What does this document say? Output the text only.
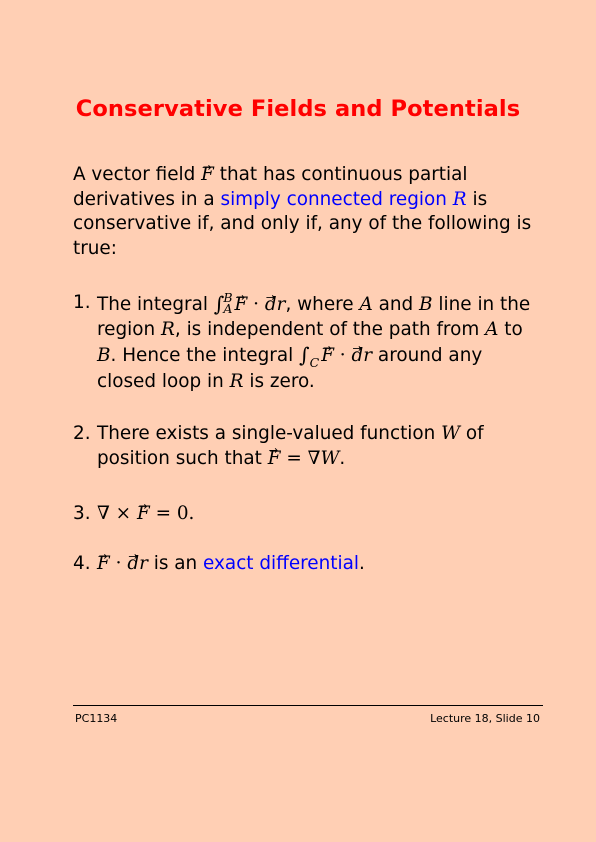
Conservative Fields and Potentials
A vector field → F that has continuous partial derivatives in a simply connected region R is conservative if, and only if, any of the following is true:
1. The integral ∫ B
A → F · → dr, where A and B line in the region R, is independent of the path from A to B. Hence the integral $\int_C \to F$ · → dr around any closed loop in R is zero.
2. There exists a single-valued function W of position such that → F = ∇W.
3. ∇ × → F = 0.
4. → F · → dr is an exact differential.
PC1134	Lecture 18, Slide 10
